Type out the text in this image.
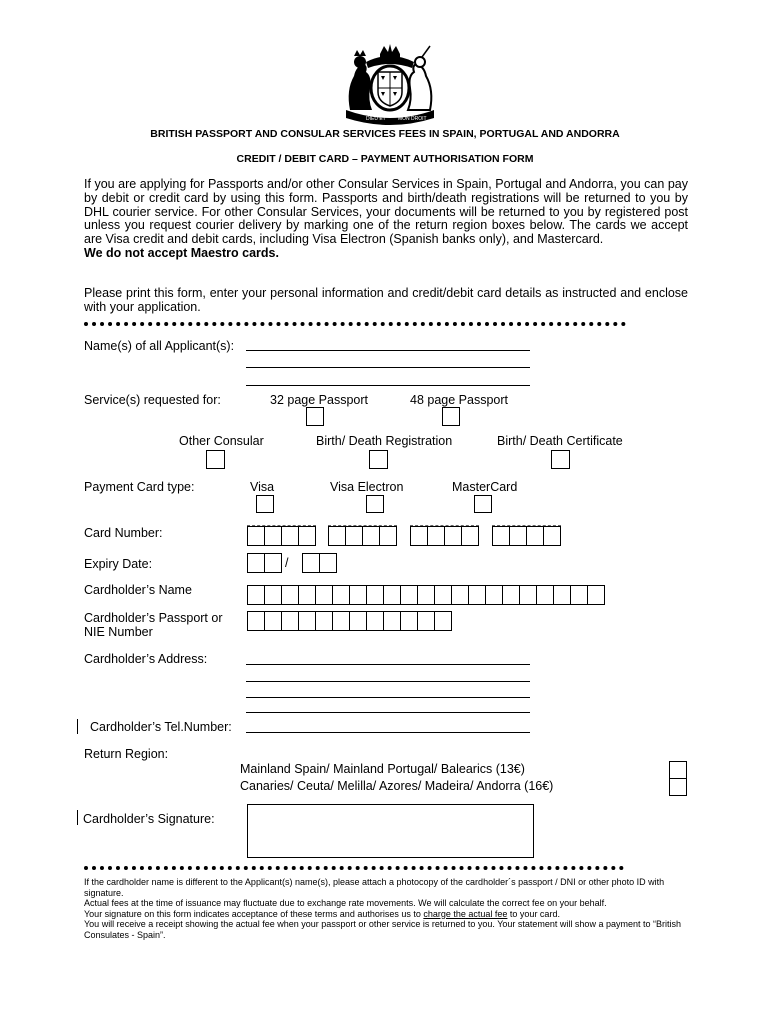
DIEU ET MON DROIT
BRITISH PASSPORT AND CONSULAR SERVICES FEES IN SPAIN, PORTUGAL AND ANDORRA
CREDIT / DEBIT CARD – PAYMENT AUTHORISATION FORM
If you are applying for Passports and/or other Consular Services in Spain, Portugal and Andorra, you can pay by debit or credit card by using this form. Passports and birth/death registrations will be returned to you by DHL courier service. For other Consular Services, your documents will be returned to you by registered post unless you request courier delivery by marking one of the return region boxes below. The cards we accept are Visa credit and debit cards, including Visa Electron (Spanish banks only), and Mastercard.
We do not accept Maestro cards.
Please print this form, enter your personal information and credit/debit card details as instructed and enclose with your application.
Name(s) of all Applicant(s):
Service(s) requested for:	32 page Passport	48 page Passport
Other Consular	Birth/ Death Registration	Birth/ Death Certificate
Payment Card type:	Visa	Visa Electron	MasterCard
Card Number:
Expiry Date:	/
Cardholder’s Name
Cardholder’s Passport or
NIE Number
Cardholder’s Address:
Cardholder’s Tel.Number:
Return Region:
Mainland Spain/ Mainland Portugal/ Balearics (13€)
Canaries/ Ceuta/ Melilla/ Azores/ Madeira/ Andorra (16€)
Cardholder’s Signature:
If the cardholder name is different to the Applicant(s) name(s), please attach a photocopy of the cardholder´s passport / DNI or other photo ID with signature.
Actual fees at the time of issuance may fluctuate due to exchange rate movements. We will calculate the correct fee on your behalf.
Your signature on this form indicates acceptance of these terms and authorises us to charge the actual fee to your card.
You will receive a receipt showing the actual fee when your passport or other service is returned to you. Your statement will show a payment to “British Consulates - Spain”.
